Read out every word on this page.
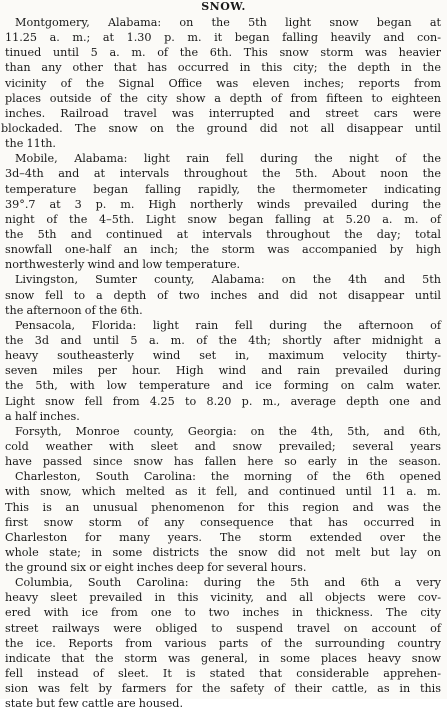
SNOW.
Montgomery, Alabama: on the 5th light snow began at
11.25 a. m.; at 1.30 p. m. it began falling heavily and con-
tinued until 5 a. m. of the 6th. This snow storm was heavier
than any other that has occurred in this city; the depth in the
vicinity of the Signal Office was eleven inches; reports from
places outside of the city show a depth of from fifteen to eighteen
inches. Railroad travel was interrupted and street cars were
blockaded. The snow on the ground did not all disappear until
the 11th.
Mobile, Alabama: light rain fell during the night of the
3d–4th and at intervals throughout the 5th. About noon the
temperature began falling rapidly, the thermometer indicating
39°.7 at 3 p. m. High northerly winds prevailed during the
night of the 4–5th. Light snow began falling at 5.20 a. m. of
the 5th and continued at intervals throughout the day; total
snowfall one-half an inch; the storm was accompanied by high
northwesterly wind and low temperature.
Livingston, Sumter county, Alabama: on the 4th and 5th
snow fell to a depth of two inches and did not disappear until
the afternoon of the 6th.
Pensacola, Florida: light rain fell during the afternoon of
the 3d and until 5 a. m. of the 4th; shortly after midnight a
heavy southeasterly wind set in, maximum velocity thirty-
seven miles per hour. High wind and rain prevailed during
the 5th, with low temperature and ice forming on calm water.
Light snow fell from 4.25 to 8.20 p. m., average depth one and
a half inches.
Forsyth, Monroe county, Georgia: on the 4th, 5th, and 6th,
cold weather with sleet and snow prevailed; several years
have passed since snow has fallen here so early in the season.
Charleston, South Carolina: the morning of the 6th opened
with snow, which melted as it fell, and continued until 11 a. m.
This is an unusual phenomenon for this region and was the
first snow storm of any consequence that has occurred in
Charleston for many years. The storm extended over the
whole state; in some districts the snow did not melt but lay on
the ground six or eight inches deep for several hours.
Columbia, South Carolina: during the 5th and 6th a very
heavy sleet prevailed in this vicinity, and all objects were cov-
ered with ice from one to two inches in thickness. The city
street railways were obliged to suspend travel on account of
the ice. Reports from various parts of the surrounding country
indicate that the storm was general, in some places heavy snow
fell instead of sleet. It is stated that considerable apprehen-
sion was felt by farmers for the safety of their cattle, as in this
state but few cattle are housed.
